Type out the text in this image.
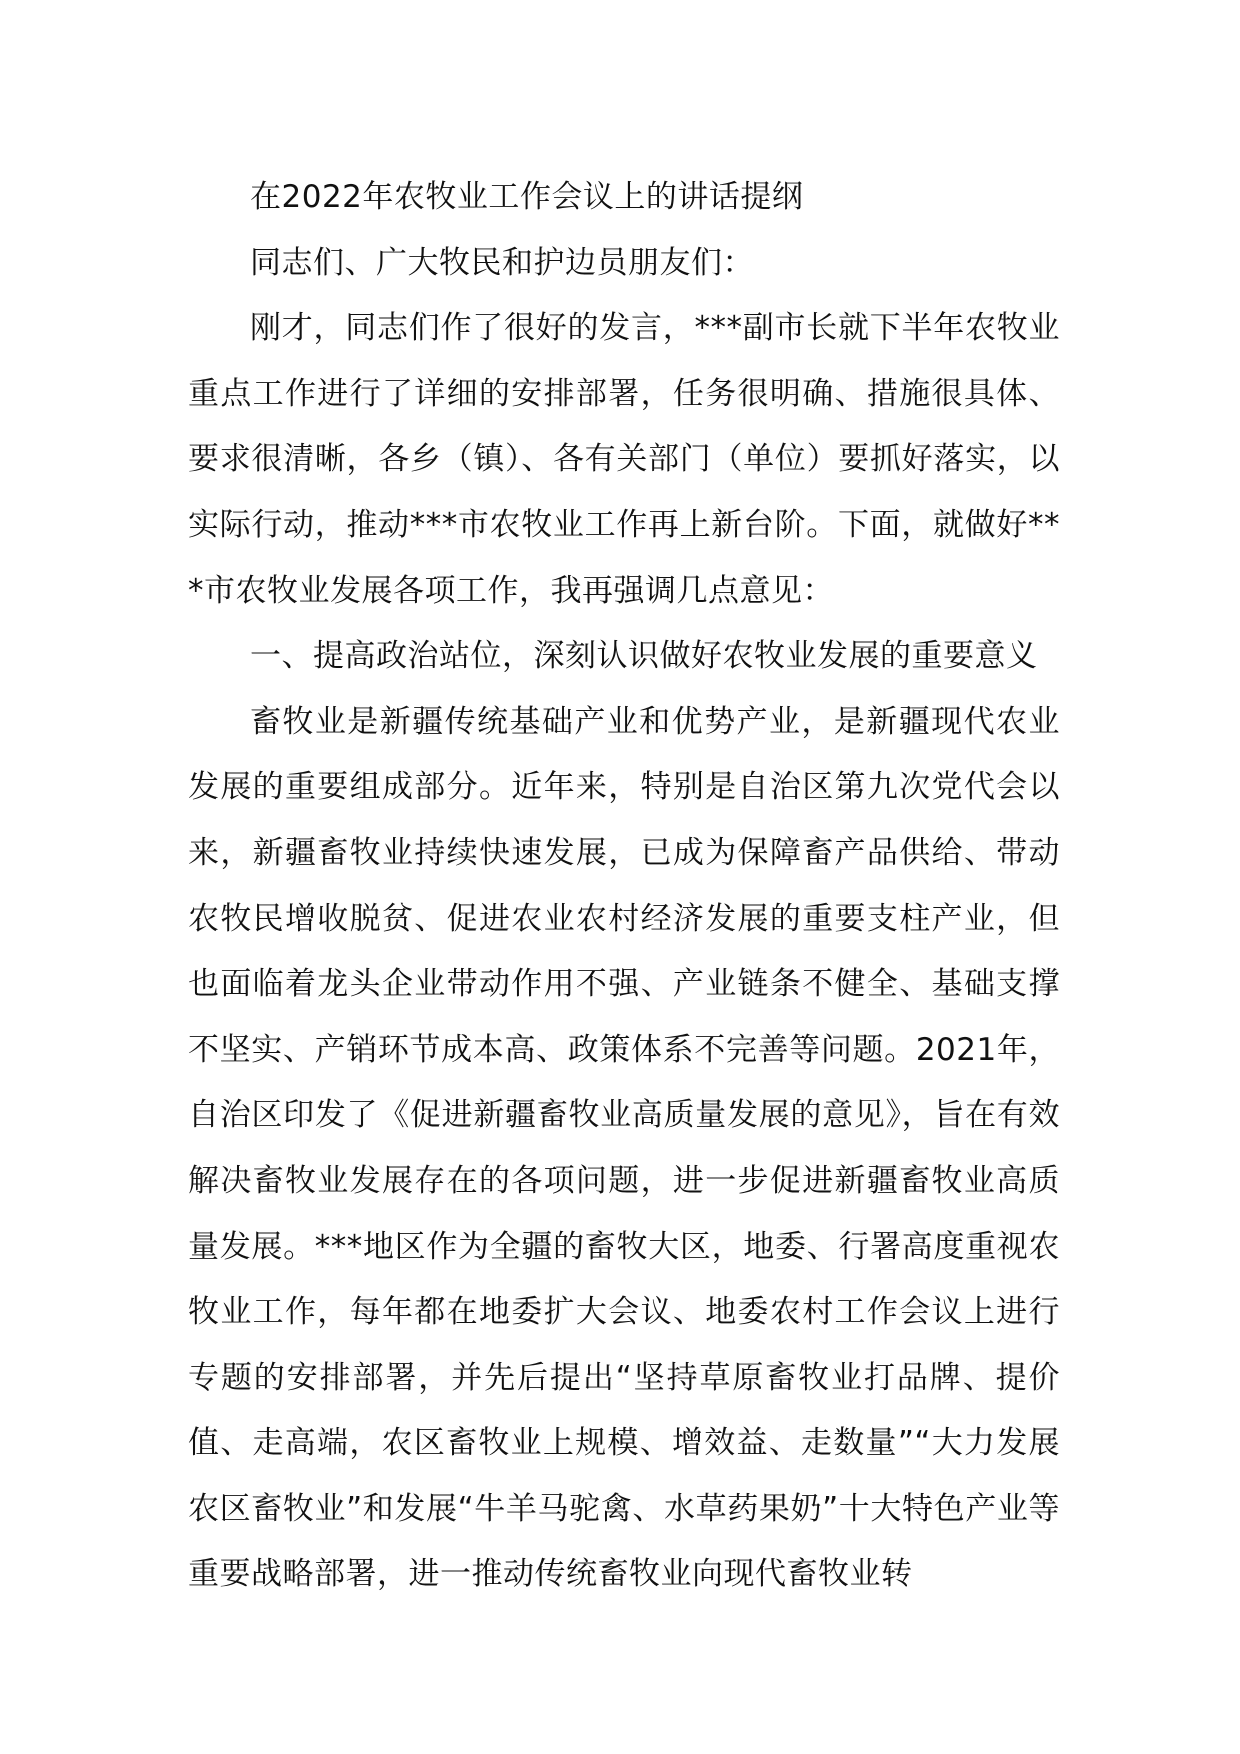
在2022年农牧业工作会议上的讲话提纲

同志们、广大牧民和护边员朋友们：

刚才，同志们作了很好的发言，***副市长就下半年农牧业重点工作进行了详细的安排部署，任务很明确、措施很具体、要求很清晰，各乡（镇）、各有关部门（单位）要抓好落实，以实际行动，推动***市农牧业工作再上新台阶。下面，就做好***市农牧业发展各项工作，我再强调几点意见：

一、提高政治站位，深刻认识做好农牧业发展的重要意义

畜牧业是新疆传统基础产业和优势产业，是新疆现代农业发展的重要组成部分。近年来，特别是自治区第九次党代会以来，新疆畜牧业持续快速发展，已成为保障畜产品供给、带动农牧民增收脱贫、促进农业农村经济发展的重要支柱产业，但也面临着龙头企业带动作用不强、产业链条不健全、基础支撑不坚实、产销环节成本高、政策体系不完善等问题。2021年，自治区印发了《促进新疆畜牧业高质量发展的意见》，旨在有效解决畜牧业发展存在的各项问题，进一步促进新疆畜牧业高质量发展。***地区作为全疆的畜牧大区，地委、行署高度重视农牧业工作，每年都在地委扩大会议、地委农村工作会议上进行专题的安排部署，并先后提出“坚持草原畜牧业打品牌、提价值、走高端，农区畜牧业上规模、增效益、走数量”“大力发展农区畜牧业”和发展“牛羊马驼禽、水草药果奶”十大特色产业等重要战略部署，进一推动传统畜牧业向现代畜牧业转
